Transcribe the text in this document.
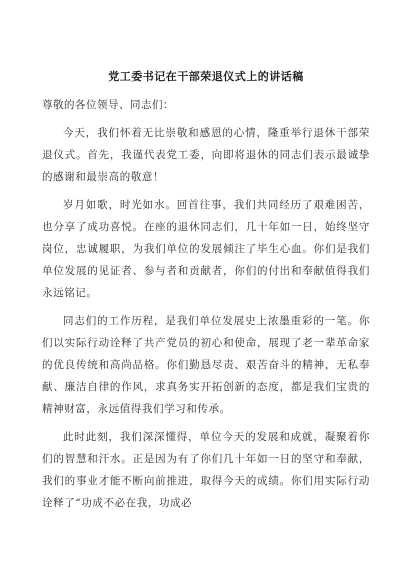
党工委书记在干部荣退仪式上的讲话稿
尊敬的各位领导、同志们：

今天，我们怀着无比崇敬和感恩的心情，隆重举行退休干部荣退仪式。首先，我谨代表党工委，向即将退休的同志们表示最诚挚的感谢和最崇高的敬意！

岁月如歌，时光如水。回首往事，我们共同经历了艰难困苦，也分享了成功喜悦。在座的退休同志们，几十年如一日，始终坚守岗位，忠诚履职，为我们单位的发展倾注了毕生心血。你们是我们单位发展的见证者、参与者和贡献者，你们的付出和奉献值得我们永远铭记。

同志们的工作历程，是我们单位发展史上浓墨重彩的一笔。你们以实际行动诠释了共产党员的初心和使命，展现了老一辈革命家的优良传统和高尚品格。你们勤恳尽责、艰苦奋斗的精神，无私奉献、廉洁自律的作风，求真务实开拓创新的态度，都是我们宝贵的精神财富，永远值得我们学习和传承。

此时此刻，我们深深懂得，单位今天的发展和成就，凝聚着你们的智慧和汗水。正是因为有了你们几十年如一日的坚守和奉献，我们的事业才能不断向前推进，取得今天的成绩。你们用实际行动诠释了“功成不必在我，功成必
